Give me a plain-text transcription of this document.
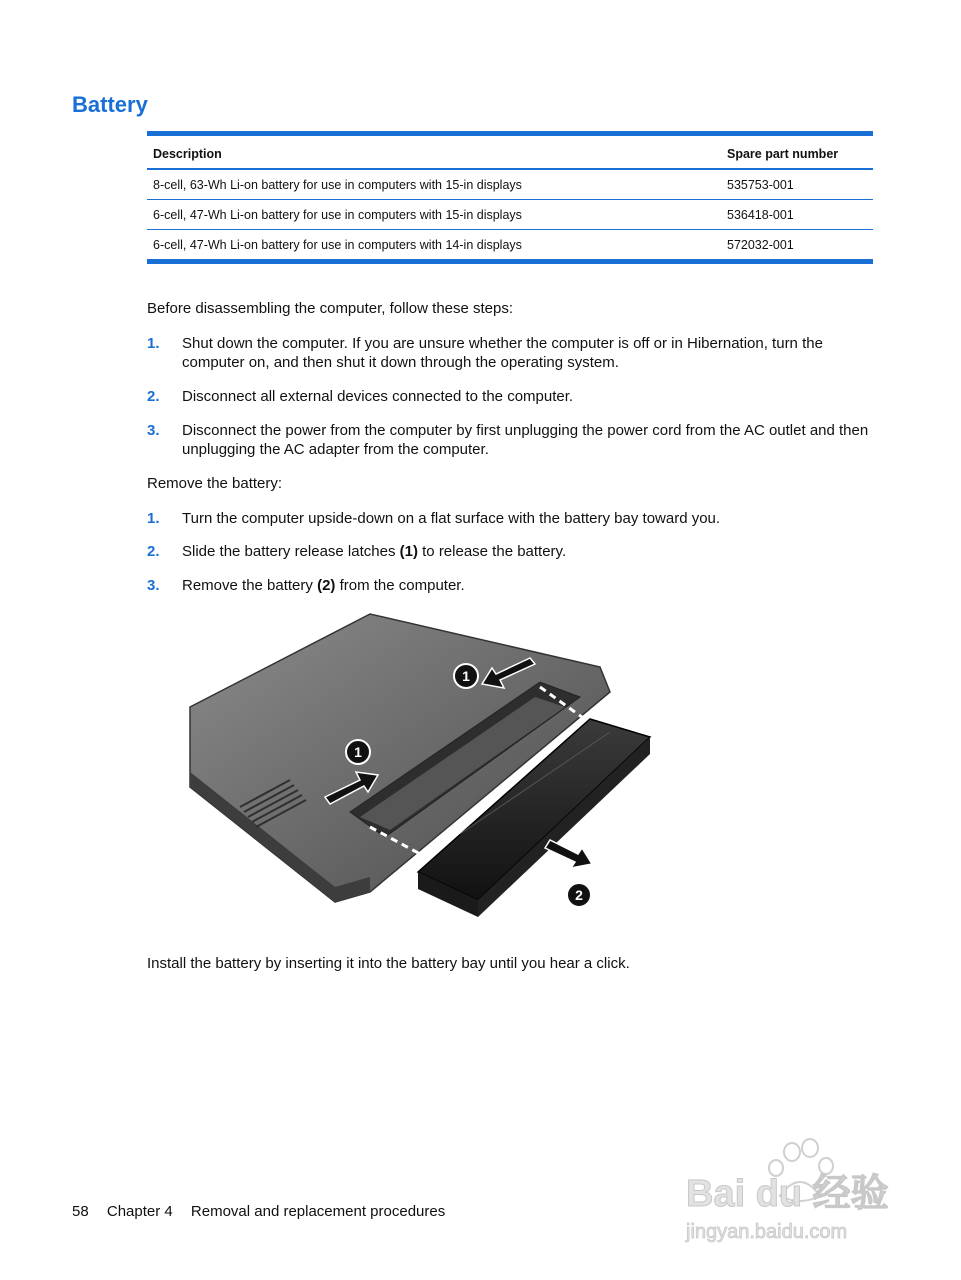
Battery
Description	Spare part number
8-cell, 63-Wh Li-on battery for use in computers with 15-in displays	535753-001
6-cell, 47-Wh Li-on battery for use in computers with 15-in displays	536418-001
6-cell, 47-Wh Li-on battery for use in computers with 14-in displays	572032-001

Before disassembling the computer, follow these steps:

1. Shut down the computer. If you are unsure whether the computer is off or in Hibernation, turn the computer on, and then shut it down through the operating system.
2. Disconnect all external devices connected to the computer.
3. Disconnect the power from the computer by first unplugging the power cord from the AC outlet and then unplugging the AC adapter from the computer.

Remove the battery:

1. Turn the computer upside-down on a flat surface with the battery bay toward you.
2. Slide the battery release latches (1) to release the battery.
3. Remove the battery (2) from the computer.
1
1
2

Install the battery by inserting it into the battery bay until you hear a click.

58 Chapter 4 Removal and replacement procedures	Bai du 经验
jingyan.baidu.com
